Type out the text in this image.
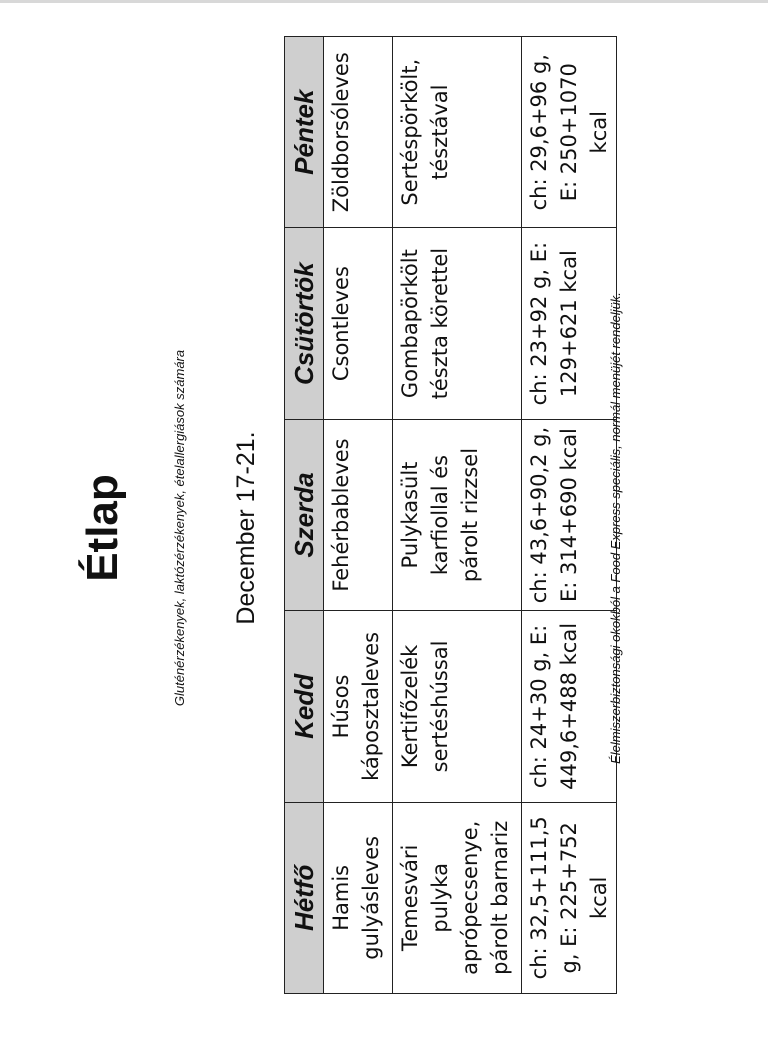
Étlap	Gluténérzékenyek, laktózérzékenyek, ételallergiások számára December 17-21.
Hétfő	Kedd	Szerda	Csütörtök	Péntek
Hamis gulyásleves	Húsos káposztaleves	Fehérbableves	Csontleves	Zöldborsóleves
Temesvári pulyka aprópecsenye, párolt barnariz	Kertifőzelék sertéshússal	Pulykasült karfiollal és párolt rizzsel	Gombapörkölt tészta körettel	Sertéspörkölt, tésztával
ch: 32,5+111,5 g, E: 225+752 kcal	ch: 24+30 g, E: 449,6+488 kcal	ch: 43,6+90,2 g, E: 314+690 kcal	ch: 23+92 g, E: 129+621 kcal	ch: 29,6+96 g, E: 250+1070 kcal
Élelmiszerbiztonsági okokból a Food Express speciális, normál menüjét rendeljük.
